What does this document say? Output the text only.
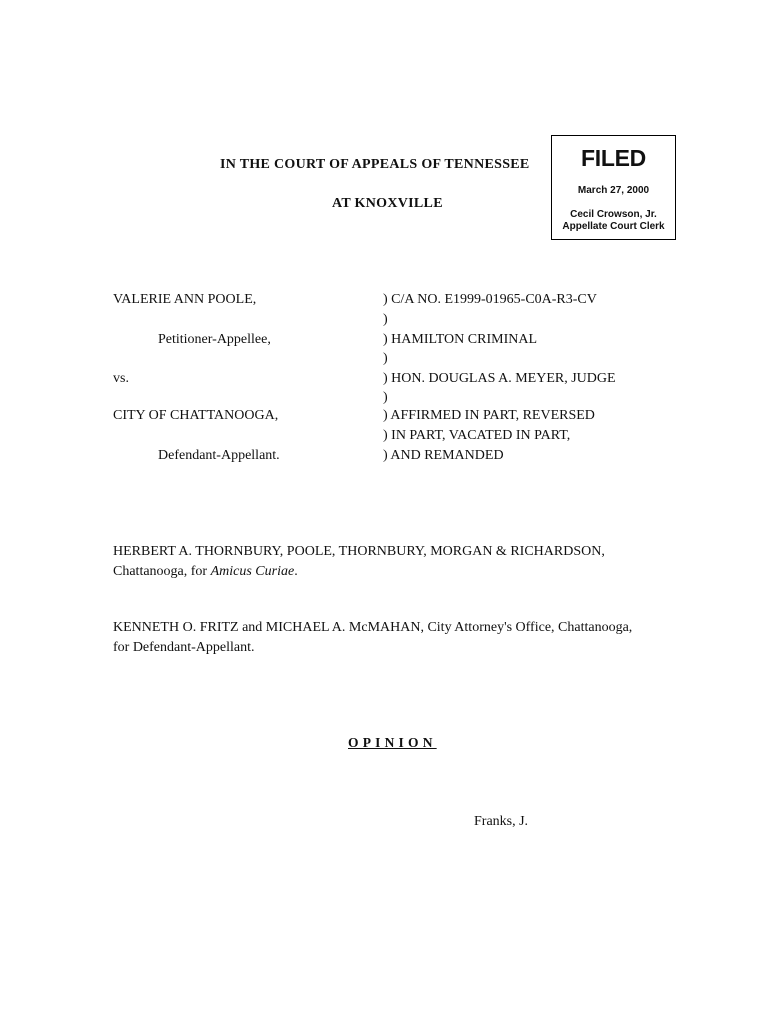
IN THE COURT OF APPEALS OF TENNESSEE
AT KNOXVILLE
FILED
March 27, 2000
Cecil Crowson, Jr.
Appellate Court Clerk
VALERIE ANN POOLE,
Petitioner-Appellee,
vs.
CITY OF CHATTANOOGA,
Defendant-Appellant.
) C/A NO. E1999-01965-C0A-R3-CV
)
) HAMILTON CRIMINAL
)
) HON. DOUGLAS A. MEYER, JUDGE
)
) AFFIRMED IN PART, REVERSED
) IN PART, VACATED IN PART,
) AND REMANDED
HERBERT A. THORNBURY, POOLE, THORNBURY, MORGAN & RICHARDSON, Chattanooga, for Amicus Curiae.
KENNETH O. FRITZ and MICHAEL A. McMAHAN, City Attorney's Office, Chattanooga, for Defendant-Appellant.
OPINION
Franks, J.
